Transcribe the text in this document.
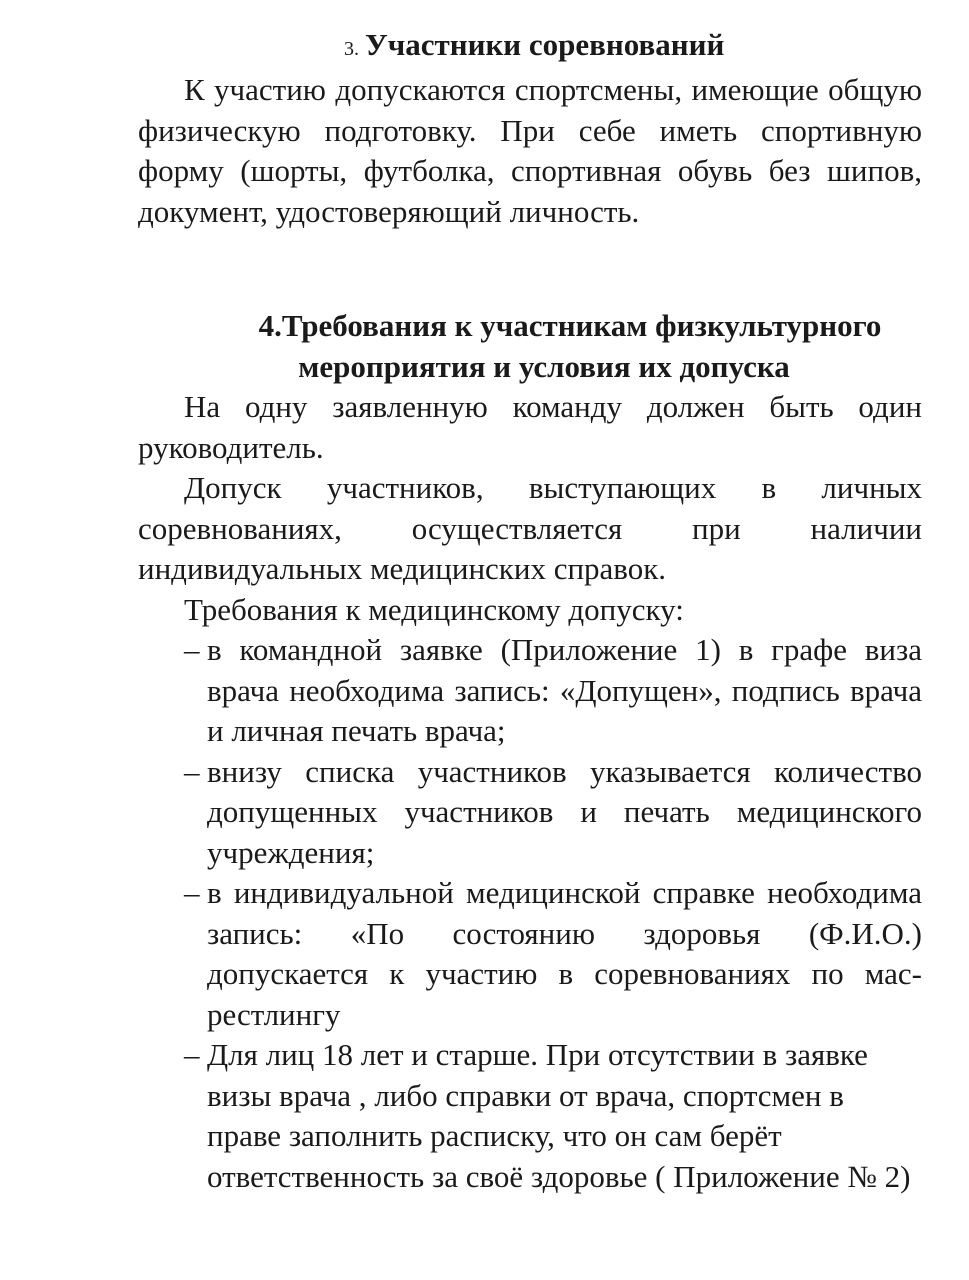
3. Участники соревнований

К участию допускаются спортсмены, имеющие общую физическую подготовку. При себе иметь спортивную форму (шорты, футболка, спортивная обувь без шипов, документ, удостоверяющий личность.

4.Требования к участникам физкультурного
мероприятия и условия их допуска

На одну заявленную команду должен быть один руководитель.

Допуск участников, выступающих в личных соревнованиях, осуществляется при наличии индивидуальных медицинских справок.

Требования к медицинскому допуску:

– в командной заявке (Приложение 1) в графе виза врача необходима запись: «Допущен», подпись врача и личная печать врача;
– внизу списка участников указывается количество допущенных участников и печать медицинского учреждения;
– в индивидуальной медицинской справке необходима запись: «По состоянию здоровья (Ф.И.О.) допускается к участию в соревнованиях по мас-рестлингу
– Для лиц 18 лет и старше. При отсутствии в заявке визы врача , либо справки от врача, спортсмен в праве заполнить расписку, что он сам берёт ответственность за своё здоровье ( Приложение № 2)
